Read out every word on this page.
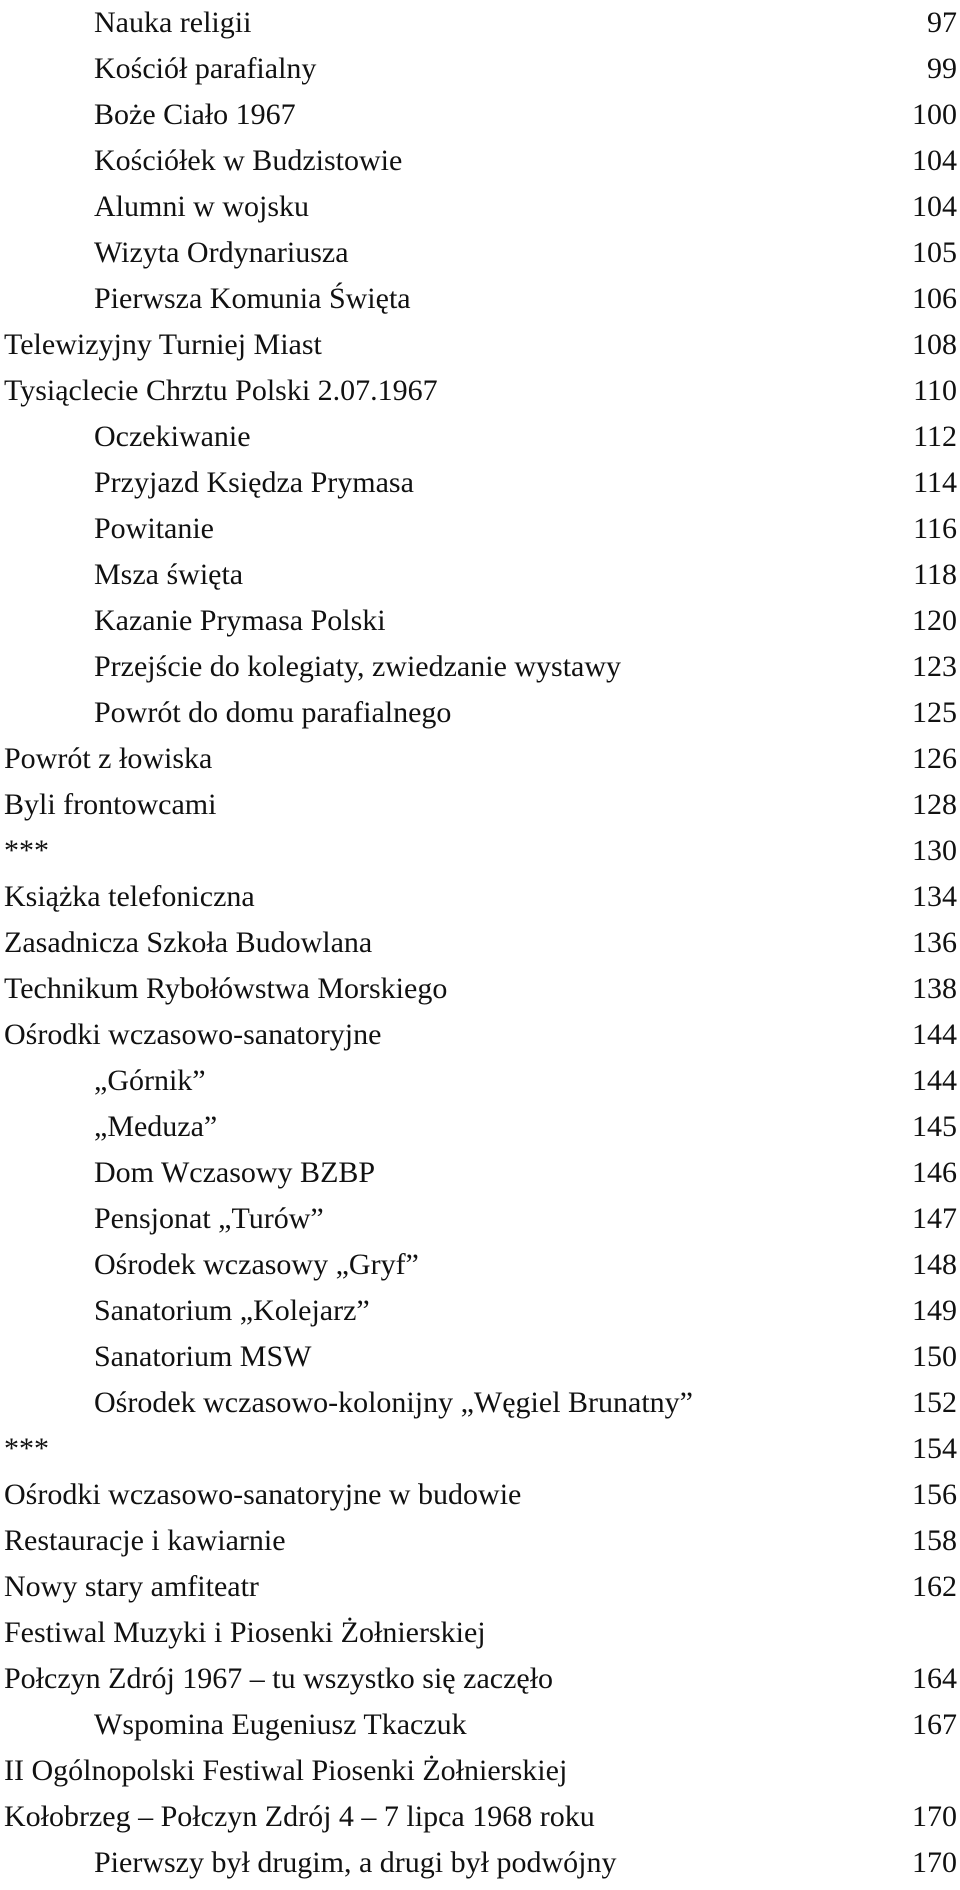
Nauka religii	97
Kościół parafialny	99
Boże Ciało 1967	100
Kościółek w Budzistowie	104
Alumni w wojsku	104
Wizyta Ordynariusza	105
Pierwsza Komunia Święta	106
Telewizyjny Turniej Miast	108
Tysiąclecie Chrztu Polski 2.07.1967	110
Oczekiwanie	112
Przyjazd Księdza Prymasa	114
Powitanie	116
Msza święta	118
Kazanie Prymasa Polski	120
Przejście do kolegiaty, zwiedzanie wystawy	123
Powrót do domu parafialnego	125
Powrót z łowiska	126
Byli frontowcami	128
***	130
Książka telefoniczna	134
Zasadnicza Szkoła Budowlana	136
Technikum Rybołówstwa Morskiego	138
Ośrodki wczasowo-sanatoryjne	144
„Górnik”	144
„Meduza”	145
Dom Wczasowy BZBP	146
Pensjonat „Turów”	147
Ośrodek wczasowy „Gryf”	148
Sanatorium „Kolejarz”	149
Sanatorium MSW	150
Ośrodek wczasowo-kolonijny „Węgiel Brunatny”	152
***	154
Ośrodki wczasowo-sanatoryjne w budowie	156
Restauracje i kawiarnie	158
Nowy stary amfiteatr	162
Festiwal Muzyki i Piosenki Żołnierskiej
Połczyn Zdrój 1967 – tu wszystko się zaczęło	164
Wspomina Eugeniusz Tkaczuk	167
II Ogólnopolski Festiwal Piosenki Żołnierskiej
Kołobrzeg – Połczyn Zdrój 4 – 7 lipca 1968 roku	170
Pierwszy był drugim, a drugi był podwójny	170
